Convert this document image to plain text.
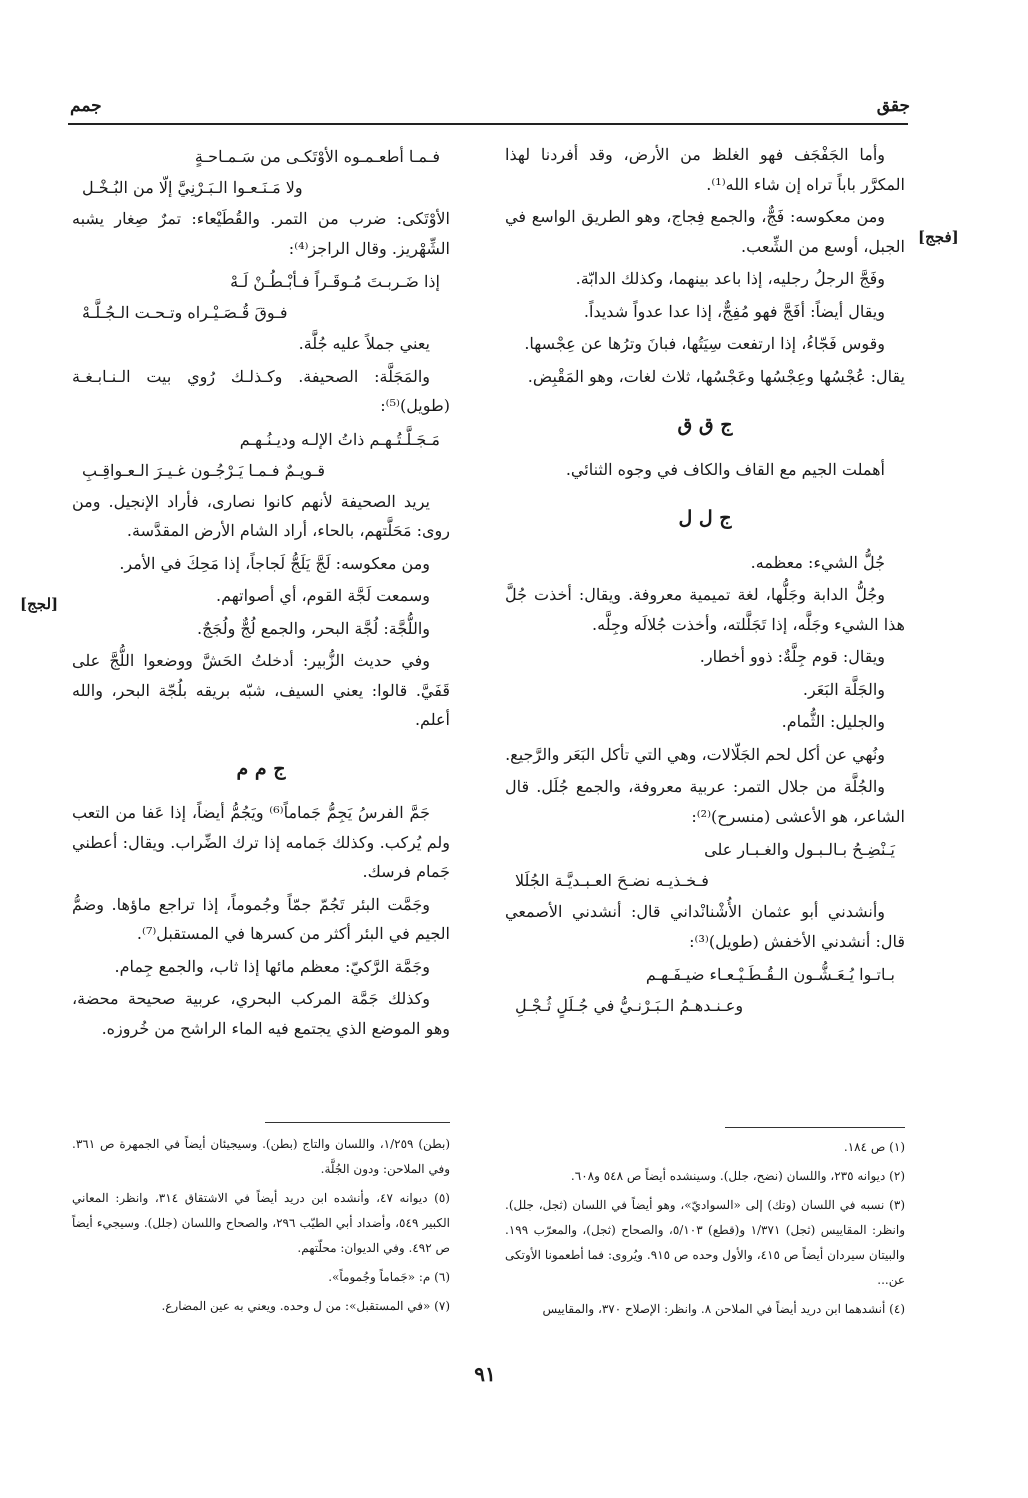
جقق
جمم
[فجج]
[لجج]

وأما الجَفْجَف فهو الغلظ من الأرض، وقد أفردنا لهذا المكرَّر باباً تراه إن شاء الله⁽¹⁾.

ومن معكوسه: فَجٌّ، والجمع فِجاج، وهو الطريق الواسع في الجبل، أوسع من الشِّعب.

وفَجَّ الرجلُ رجليه، إذا باعد بينهما، وكذلك الدابّة.

ويقال أيضاً: أفَجَّ فهو مُفِجٌّ، إذا عدا عدواً شديداً.

وقوس فَجّاءُ، إذا ارتفعت سِيَتُها، فبانَ وترُها عن عِجْسها.

يقال: عُجْسُها وعِجْسُها وعَجْسُها، ثلاث لغات، وهو المَقْبِض.

ج ق ق

أهملت الجيم مع القاف والكاف في وجوه الثنائي.

ج ل ل

جُلُّ الشيء: معظمه.

وجُلُّ الدابة وجَلُّها، لغة تميمية معروفة. ويقال: أخذت جُلَّ هذا الشيء وجَلَّه، إذا تَجَلَّلته، وأخذت جُلالَه وجِلَّه.

ويقال: قوم جِلَّةٌ: ذوو أخطار.

والجَلَّة البَعَر.

والجليل: الثُّمام.

ونُهي عن أكل لحم الجَلّالات، وهي التي تأكل البَعَر والرَّجيع.

والجُلَّة من جلال التمر: عربية معروفة، والجمع جُلَل. قال الشاعر، هو الأعشى (منسرح)⁽²⁾:

يَـنْضِـحُ بـالـبـول والغـبـار على
فـخـذيـه نضـحَ العـبـديَّـة الجُلَلا

وأنشدني أبو عثمان الأُشْنانْداني قال: أنشدني الأصمعي قال: أنشدني الأخفش (طويل)⁽³⁾:

بـاتـوا يُـعَـشُّـون الـقُـطَـيْـعـاء ضيـفَـهـم
وعـنـدهـمُ الـبَـرْنـيُّ في جُـلَلٍ ثُـجْـلِ
فـمـا أطعـمـوه الأوْتَكـى من سَـمـاحـةٍ
ولا مَـنَـعـوا الـبَـرْنِيَّ إلّا من البُـخْـل

الأوْتَكى: ضرب من التمر. والقُطَيْعاء: تمرٌ صِغار يشبه الشِّهْريز. وقال الراجز⁽⁴⁾:

إذا ضَـربـتَ مُـوقَـراً فـأبْـطُـنْ لَـهْ
فـوقَ قُـصَـيْـراه وتـحـت الـجُـلَّـهْ

يعني جملاً عليه جُلَّة.

والمَجَلَّة: الصحيفة. وكـذلـك رُوي بيت الـنـابـغـة (طويل)⁽⁵⁾:

مَـجَـلَّـتُـهـم ذاتُ الإلـه وديـنُـهـم
قـويـمٌ فـمـا يَـرْجُـون غـيـرَ الـعـواقِـبِ

يريد الصحيفة لأنهم كانوا نصارى، فأراد الإنجيل. ومن روى: مَحَلَّتهم، بالحاء، أراد الشام الأرض المقدَّسة.

ومن معكوسه: لَجَّ يَلَجُّ لَجاجاً، إذا مَحِكَ في الأمر.

وسمعت لَجَّة القوم، أي أصواتهم.

واللُّجَّة: لُجَّة البحر، والجمع لُجٌّ ولُجَجٌ.

وفي حديث الزُّبير: أدخلتُ الحَشَّ ووضعوا اللُّجَّ على قَفَيَّ. قالوا: يعني السيف، شبّه بريقه بلُجّة البحر، والله أعلم.

ج م م

جَمَّ الفرسُ يَجِمُّ جَماماً⁽⁶⁾ ويَجُمُّ أيضاً، إذا عَفا من التعب ولم يُركب. وكذلك جَمامه إذا ترك الضِّراب. ويقال: أعطني جَمام فرسك.

وجَمَّت البئر تَجُمّ جمّاً وجُموماً، إذا تراجع ماؤها. وضمُّ الجيم في البئر أكثر من كسرها في المستقبل⁽⁷⁾.

وجَمَّة الرَّكيّ: معظم مائها إذا ثاب، والجمع جِمام.

وكذلك جَمَّة المركب البحري، عربية صحيحة محضة، وهو الموضع الذي يجتمع فيه الماء الراشح من خُروزه.

(١) ص ١٨٤.

(٢) ديوانه ٢٣٥، واللسان (نضح، جلل). وسينشده أيضاً ص ٥٤٨ و٦٠٨.

(٣) نسبه في اللسان (وتك) إلى «السواديّ»، وهو أيضاً في اللسان (ثجل، جلل). وانظر: المقاييس (ثجل) ١/٣٧١ و(قطع) ٥/١٠٣، والصحاح (ثجل)، والمعرّب ١٩٩. والبيتان سيردان أيضاً ص ٤١٥، والأول وحده ص ٩١٥. ويُروى: فما أطعمونا الأوتكى عن...

(٤) أنشدهما ابن دريد أيضاً في الملاحن ٨. وانظر: الإصلاح ٣٧٠، والمقاييس

(بطن) ١/٢٥٩، واللسان والتاج (بطن). وسيجيئان أيضاً في الجمهرة ص ٣٦١. وفي الملاحن: ودون الجُلَّة.

(٥) ديوانه ٤٧، وأنشده ابن دريد أيضاً في الاشتقاق ٣١٤، وانظر: المعاني الكبير ٥٤٩، وأضداد أبي الطيّب ٢٩٦، والصحاح واللسان (جلل). وسيجيء أيضاً ص ٤٩٢. وفي الديوان: محلّتهم.

(٦) م: «جَماماً وجُموماً».

(٧) «في المستقبل»: من ل وحده. ويعني به عين المضارع.

٩١
